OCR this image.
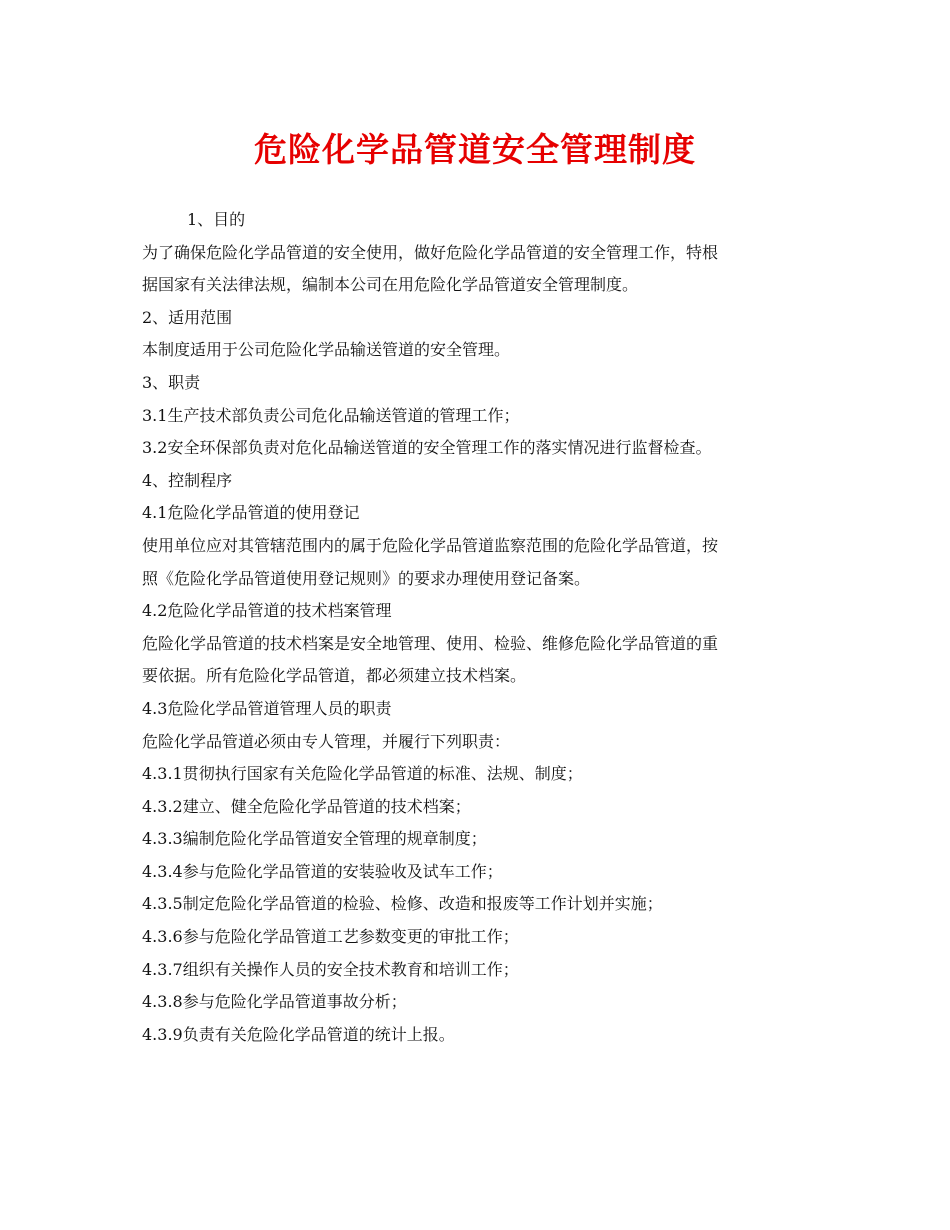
危险化学品管道安全管理制度
1、目的
为了确保危险化学品管道的安全使用，做好危险化学品管道的安全管理工作，特根
据国家有关法律法规，编制本公司在用危险化学品管道安全管理制度。
2、适用范围
本制度适用于公司危险化学品输送管道的安全管理。
3、职责
3.1生产技术部负责公司危化品输送管道的管理工作；
3.2安全环保部负责对危化品输送管道的安全管理工作的落实情况进行监督检查。
4、控制程序
4.1危险化学品管道的使用登记
使用单位应对其管辖范围内的属于危险化学品管道监察范围的危险化学品管道，按
照《危险化学品管道使用登记规则》的要求办理使用登记备案。
4.2危险化学品管道的技术档案管理
危险化学品管道的技术档案是安全地管理、使用、检验、维修危险化学品管道的重
要依据。所有危险化学品管道，都必须建立技术档案。
4.3危险化学品管道管理人员的职责
危险化学品管道必须由专人管理，并履行下列职责：
4.3.1贯彻执行国家有关危险化学品管道的标准、法规、制度；
4.3.2建立、健全危险化学品管道的技术档案；
4.3.3编制危险化学品管道安全管理的规章制度；
4.3.4参与危险化学品管道的安装验收及试车工作；
4.3.5制定危险化学品管道的检验、检修、改造和报废等工作计划并实施；
4.3.6参与危险化学品管道工艺参数变更的审批工作；
4.3.7组织有关操作人员的安全技术教育和培训工作；
4.3.8参与危险化学品管道事故分析；
4.3.9负责有关危险化学品管道的统计上报。
